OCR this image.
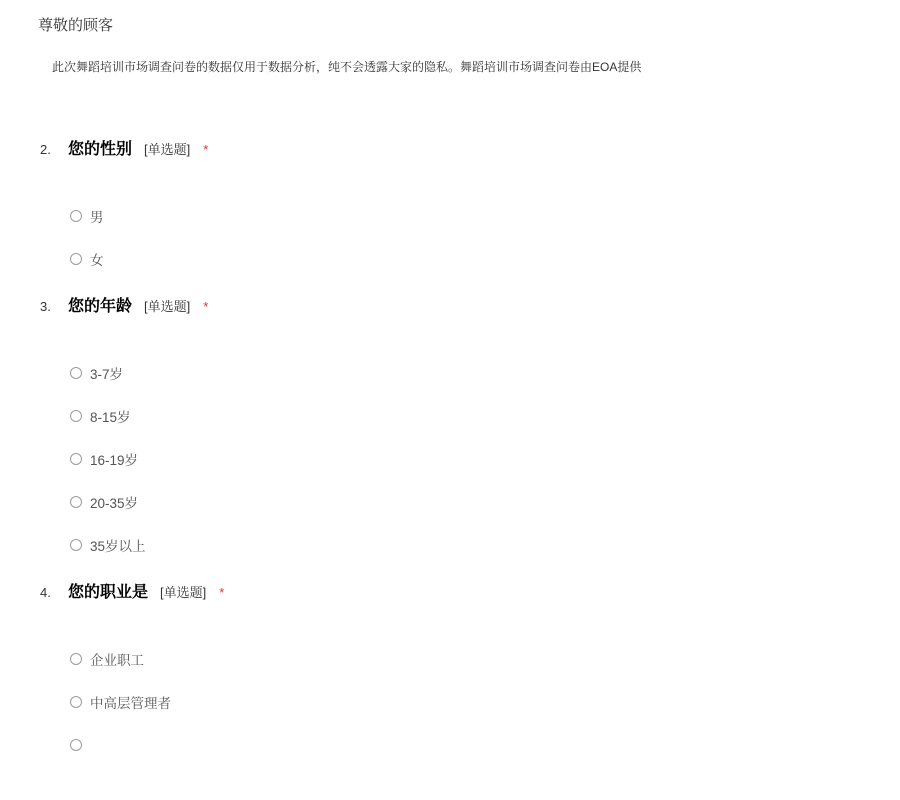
尊敬的顾客
此次舞蹈培训市场调查问卷的数据仅用于数据分析，纯不会透露大家的隐私。舞蹈培训市场调查问卷由EOA提供
2.	您的性别 [单选题] *
男
女
3.	您的年龄 [单选题] *
3-7岁
8-15岁
16-19岁
20-35岁
35岁以上
4.	您的职业是 [单选题] *
企业职工
中高层管理者
